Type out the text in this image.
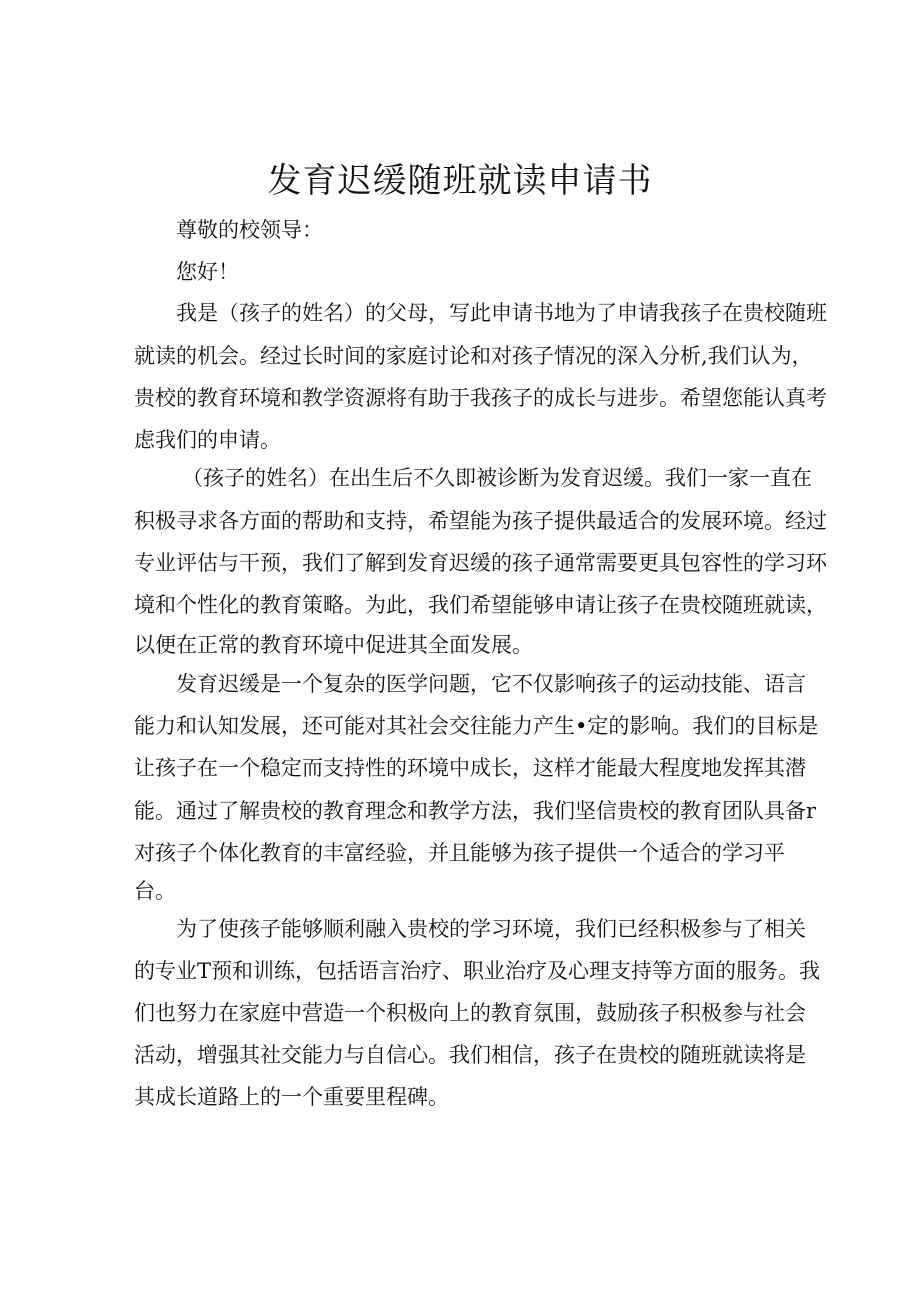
发育迟缓随班就读申请书

尊敬的校领导：

您好！

我是（孩子的姓名）的父母，写此申请书地为了申请我孩子在贵校随班

就读的机会。经过长时间的家庭讨论和对孩子情况的深入分析,我们认为，

贵校的教育环境和教学资源将有助于我孩子的成长与进步。希望您能认真考

虑我们的申请。

（孩子的姓名）在出生后不久即被诊断为发育迟缓。我们一家一直在

积极寻求各方面的帮助和支持，希望能为孩子提供最适合的发展环境。经过

专业评估与干预，我们了解到发育迟缓的孩子通常需要更具包容性的学习环

境和个性化的教育策略。为此，我们希望能够申请让孩子在贵校随班就读，

以便在正常的教育环境中促进其全面发展。

发育迟缓是一个复杂的医学问题，它不仅影响孩子的运动技能、语言

能力和认知发展，还可能对其社会交往能力产生•定的影响。我们的目标是

让孩子在一个稳定而支持性的环境中成长，这样才能最大程度地发挥其潜

能。通过了解贵校的教育理念和教学方法，我们坚信贵校的教育团队具备r

对孩子个体化教育的丰富经验，并且能够为孩子提供一个适合的学习平

台。

为了使孩子能够顺利融入贵校的学习环境，我们已经积极参与了相关

的专业T预和训练，包括语言治疗、职业治疗及心理支持等方面的服务。我

们也努力在家庭中营造一个积极向上的教育氛围，鼓励孩子积极参与社会

活动，增强其社交能力与自信心。我们相信，孩子在贵校的随班就读将是

其成长道路上的一个重要里程碑。
